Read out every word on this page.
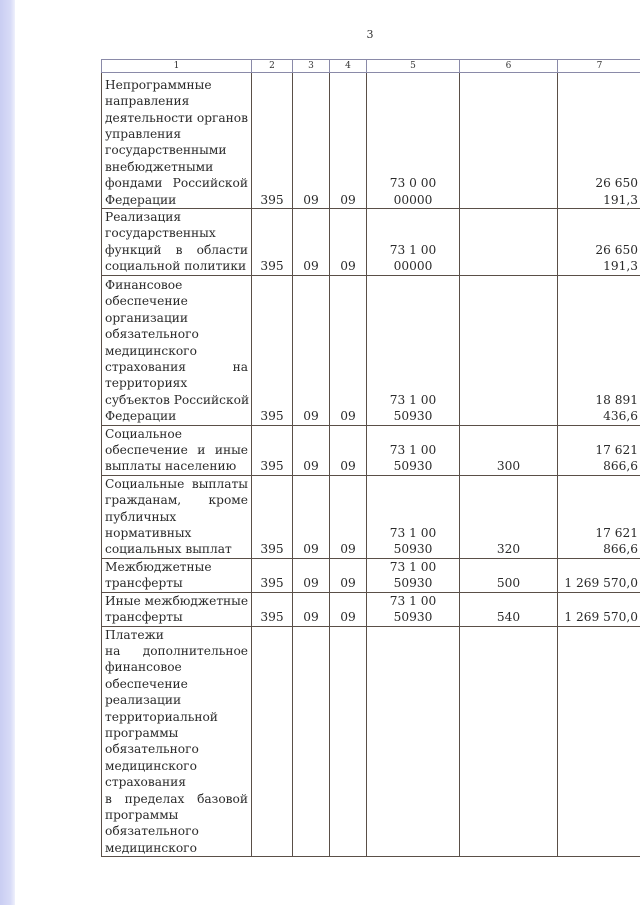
3
1	2	3	4	5	6	7

Непрограммные
направления
деятельности органов
управления
государственными
внебюджетными
фондами Российской
Федерации	395	09	09	73 0 00 00000		26 650 191,3

Реализация
государственных
функций в области
социальной политики	395	09	09	73 1 00 00000		26 650 191,3

Финансовое
обеспечение
организации
обязательного
медицинского
страхования на
территориях
субъектов Российской
Федерации	395	09	09	73 1 00 50930		18 891 436,6

Социальное
обеспечение и иные
выплаты населению	395	09	09	73 1 00 50930	300	17 621 866,6

Социальные выплаты
гражданам, кроме
публичных
нормативных
социальных выплат	395	09	09	73 1 00 50930	320	17 621 866,6

Межбюджетные
трансферты	395	09	09	73 1 00 50930	500	1 269 570,0

Иные межбюджетные
трансферты	395	09	09	73 1 00 50930	540	1 269 570,0

Платежи
на дополнительное
финансовое
обеспечение
реализации
территориальной
программы
обязательного
медицинского
страхования
в пределах базовой
программы
обязательного
медицинского
